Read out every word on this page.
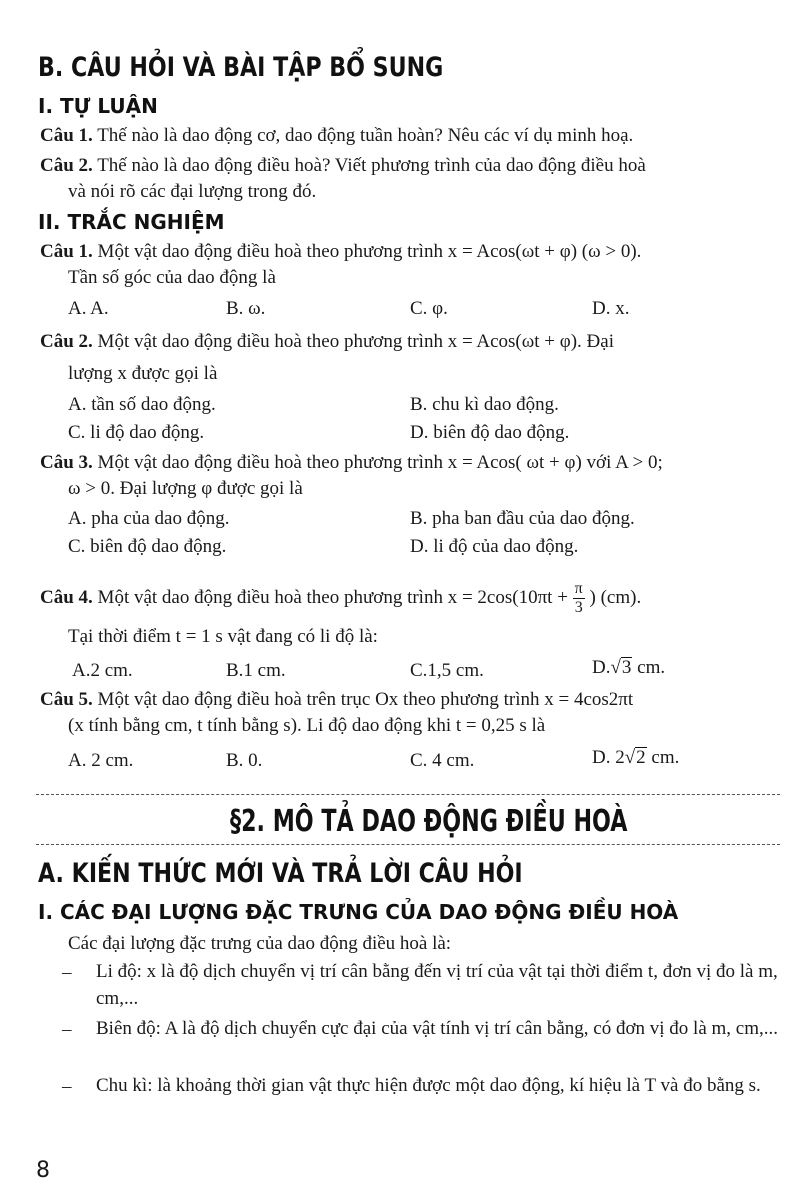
B. CÂU HỎI VÀ BÀI TẬP BỔ SUNG
I. TỰ LUẬN
Câu 1. Thế nào là dao động cơ, dao động tuần hoàn? Nêu các ví dụ minh hoạ.
Câu 2. Thế nào là dao động điều hoà? Viết phương trình của dao động điều hoà
và nói rõ các đại lượng trong đó.
II. TRẮC NGHIỆM
Câu 1. Một vật dao động điều hoà theo phương trình x = Acos(ωt + φ) (ω > 0).
Tần số góc của dao động là
A. A.	B. ω.	C. φ.	D. x.
Câu 2. Một vật dao động điều hoà theo phương trình x = Acos(ωt + φ). Đại
lượng x được gọi là
A. tần số dao động.	B. chu kì dao động.
C. li độ dao động.	D. biên độ dao động.
Câu 3. Một vật dao động điều hoà theo phương trình x = Acos( ωt + φ) với A > 0;
ω > 0. Đại lượng φ được gọi là
A. pha của dao động.	B. pha ban đầu của dao động.
C. biên độ dao động.	D. li độ của dao động.
Câu 4. Một vật dao động điều hoà theo phương trình $x = 2\cos(10\pi t + \frac{\pi}{3}$ ) (cm).
Tại thời điểm t = 1 s vật đang có li độ là:
A.2 cm.	B.1 cm.	C.1,5 cm.	D.√3 cm.
Câu 5. Một vật dao động điều hoà trên trục Ox theo phương trình x = 4cos2πt
(x tính bằng cm, t tính bằng s). Li độ dao động khi t = 0,25 s là
A. 2 cm.	B. 0.	C. 4 cm.	D. 2√2 cm.
§2. MÔ TẢ DAO ĐỘNG ĐIỀU HOÀ
A. KIẾN THỨC MỚI VÀ TRẢ LỜI CÂU HỎI
I. CÁC ĐẠI LƯỢNG ĐẶC TRƯNG CỦA DAO ĐỘNG ĐIỀU HOÀ
Các đại lượng đặc trưng của dao động điều hoà là:
– Li độ: x là độ dịch chuyển vị trí cân bằng đến vị trí của vật tại thời điểm t, đơn vị đo là m, cm,...
– Biên độ: A là độ dịch chuyển cực đại của vật tính vị trí cân bằng, có đơn vị đo là m, cm,...
– Chu kì: là khoảng thời gian vật thực hiện được một dao động, kí hiệu là T và đo bằng s.
8
